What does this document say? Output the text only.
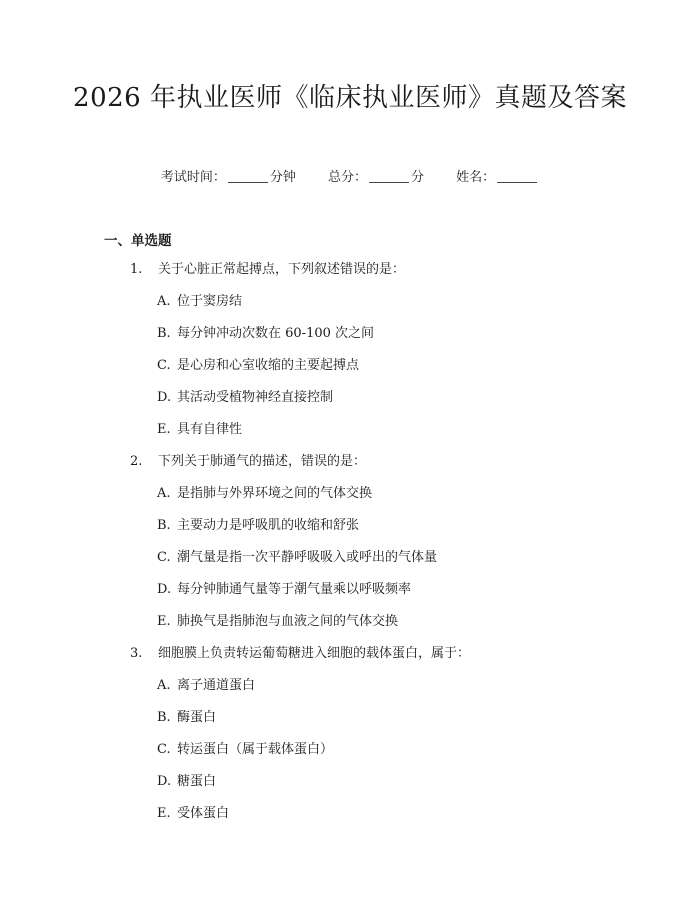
2026 年执业医师《临床执业医师》真题及答案
考试时间：	分钟 总分：	分 姓名：
一、单选题
1. 关于心脏正常起搏点，下列叙述错误的是：
A. 位于窦房结
B. 每分钟冲动次数在 60-100 次之间
C. 是心房和心室收缩的主要起搏点
D. 其活动受植物神经直接控制
E. 具有自律性
2. 下列关于肺通气的描述，错误的是：
A. 是指肺与外界环境之间的气体交换
B. 主要动力是呼吸肌的收缩和舒张
C. 潮气量是指一次平静呼吸吸入或呼出的气体量
D. 每分钟肺通气量等于潮气量乘以呼吸频率
E. 肺换气是指肺泡与血液之间的气体交换
3. 细胞膜上负责转运葡萄糖进入细胞的载体蛋白，属于：
A. 离子通道蛋白
B. 酶蛋白
C. 转运蛋白（属于载体蛋白）
D. 糖蛋白
E. 受体蛋白
